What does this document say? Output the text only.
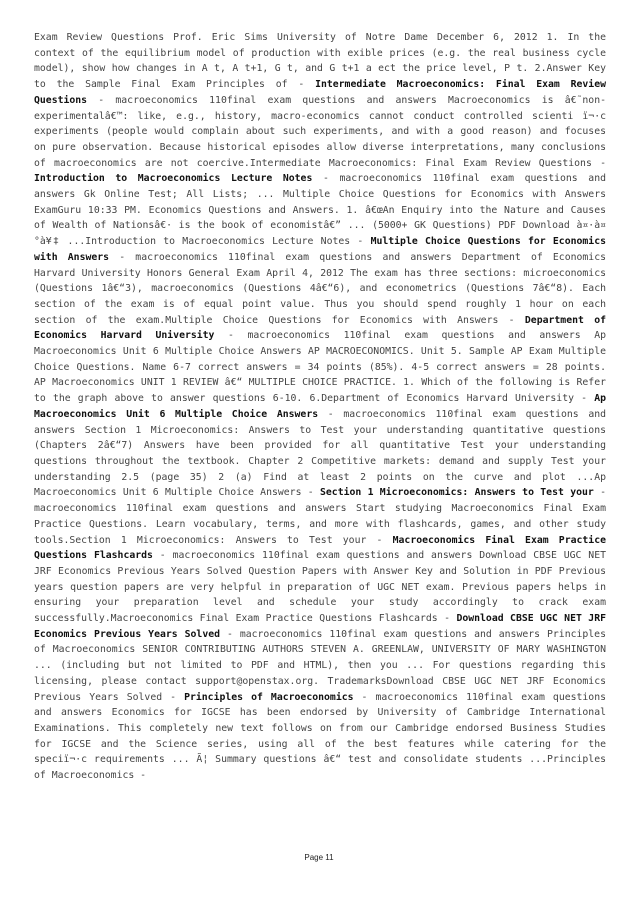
Exam Review Questions Prof. Eric Sims University of Notre Dame December 6, 2012 1. In the context of the equilibrium model of production with exible prices (e.g. the real business cycle model), show how changes in A t, A t+1, G t, and G t+1 a ect the price level, P t. 2.Answer Key to the Sample Final Exam Principles of - Intermediate Macroeconomics: Final Exam Review Questions - macroeconomics 110final exam questions and answers Macroeconomics is â€˜non-experimentalâ€™: like, e.g., history, macro-economics cannot conduct controlled scienti ï¬·c experiments (people would complain about such experiments, and with a good reason) and focuses on pure observation. Because historical episodes allow diverse interpretations, many conclusions of macroeconomics are not coercive.Intermediate Macroeconomics: Final Exam Review Questions - Introduction to Macroeconomics Lecture Notes - macroeconomics 110final exam questions and answers Gk Online Test; All Lists; ... Multiple Choice Questions for Economics with Answers ExamGuru 10:33 PM. Economics Questions and Answers. 1. â€œAn Enquiry into the Nature and Causes of Wealth of Nationsâ€· is the book of economistâ€” ... (5000+ GK Questions) PDF Download à¤·à¤°à¥‡ ...Introduction to Macroeconomics Lecture Notes - Multiple Choice Questions for Economics with Answers - macroeconomics 110final exam questions and answers Department of Economics Harvard University Honors General Exam April 4, 2012 The exam has three sections: microeconomics (Questions 1â€“3), macroeconomics (Questions 4â€“6), and econometrics (Questions 7â€“8). Each section of the exam is of equal point value. Thus you should spend roughly 1 hour on each section of the exam.Multiple Choice Questions for Economics with Answers - Department of Economics Harvard University - macroeconomics 110final exam questions and answers Ap Macroeconomics Unit 6 Multiple Choice Answers AP MACROECONOMICS. Unit 5. Sample AP Exam Multiple Choice Questions. Name 6-7 correct answers = 34 points (85%). 4-5 correct answers = 28 points. AP Macroeconomics UNIT 1 REVIEW â€“ MULTIPLE CHOICE PRACTICE. 1. Which of the following is Refer to the graph above to answer questions 6-10. 6.Department of Economics Harvard University - Ap Macroeconomics Unit 6 Multiple Choice Answers - macroeconomics 110final exam questions and answers Section 1 Microeconomics: Answers to Test your understanding quantitative questions (Chapters 2â€“7) Answers have been provided for all quantitative Test your understanding questions throughout the textbook. Chapter 2 Competitive markets: demand and supply Test your understanding 2.5 (page 35) 2 (a) Find at least 2 points on the curve and plot ...Ap Macroeconomics Unit 6 Multiple Choice Answers - Section 1 Microeconomics: Answers to Test your - macroeconomics 110final exam questions and answers Start studying Macroeconomics Final Exam Practice Questions. Learn vocabulary, terms, and more with flashcards, games, and other study tools.Section 1 Microeconomics: Answers to Test your - Macroeconomics Final Exam Practice Questions Flashcards - macroeconomics 110final exam questions and answers Download CBSE UGC NET JRF Economics Previous Years Solved Question Papers with Answer Key and Solution in PDF Previous years question papers are very helpful in preparation of UGC NET exam. Previous papers helps in ensuring your preparation level and schedule your study accordingly to crack exam successfully.Macroeconomics Final Exam Practice Questions Flashcards - Download CBSE UGC NET JRF Economics Previous Years Solved - macroeconomics 110final exam questions and answers Principles of Macroeconomics SENIOR CONTRIBUTING AUTHORS STEVEN A. GREENLAW, UNIVERSITY OF MARY WASHINGTON ... (including but not limited to PDF and HTML), then you ... For questions regarding this licensing, please contact support@openstax.org. TrademarksDownload CBSE UGC NET JRF Economics Previous Years Solved - Principles of Macroeconomics - macroeconomics 110final exam questions and answers Economics for IGCSE has been endorsed by University of Cambridge International Examinations. This completely new text follows on from our Cambridge endorsed Business Studies for IGCSE and the Science series, using all of the best features while catering for the speciï¬·c requirements ... Ã¦ Summary questions â€“ test and consolidate students ...Principles of Macroeconomics -
Page 11
